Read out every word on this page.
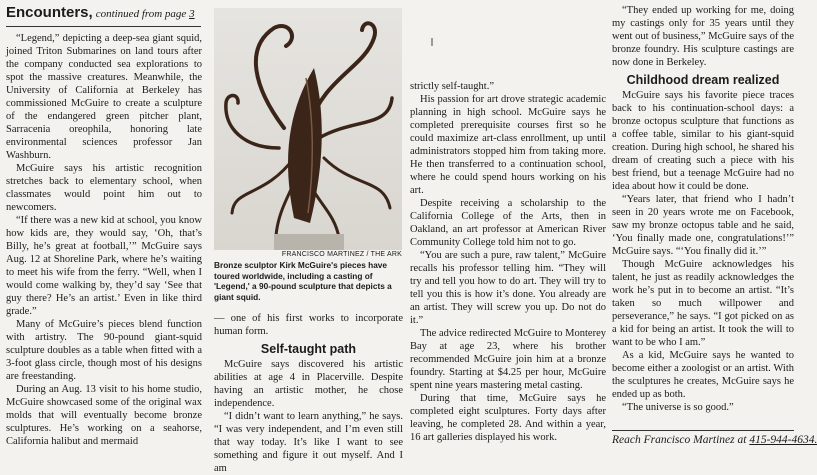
Encounters, continued from page 3

“Legend,” depicting a deep-sea giant squid, joined Triton Submarines on land tours after the company conducted sea explorations to spot the massive creatures. Meanwhile, the University of California at Berkeley has commissioned McGuire to create a sculpture of the endangered green pitcher plant, Sarracenia oreophila, honoring late environmental sciences professor Jan Washburn.

McGuire says his artistic recognition stretches back to elementary school, when classmates would point him out to newcomers.

“If there was a new kid at school, you know how kids are, they would say, ‘Oh, that’s Billy, he’s great at football,’” McGuire says Aug. 12 at Shoreline Park, where he’s waiting to meet his wife from the ferry. “Well, when I would come walking by, they’d say ‘See that guy there? He’s an artist.’ Even in like third grade.”

Many of McGuire’s pieces blend function with artistry. The 90-pound giant-squid sculpture doubles as a table when fitted with a 3-foot glass circle, though most of his designs are freestanding.

During an Aug. 13 visit to his home studio, McGuire showcased some of the original wax molds that will eventually become bronze sculptures. He’s working on a seahorse, California halibut and mermaid

FRANCISCO MARTINEZ / THE ARK
Bronze sculptor Kirk McGuire's pieces have toured worldwide, including a casting of 'Legend,' a 90-pound sculpture that depicts a giant squid.

— one of his first works to incorporate human form.

Self-taught path

McGuire says discovered his artistic abilities at age 4 in Placerville. Despite having an artistic mother, he chose independence.

“I didn’t want to learn anything,” he says. “I was very independent, and I’m even still that way today. It’s like I want to see something and figure it out myself. And I am

strictly self-taught.”

His passion for art drove strategic academic planning in high school. McGuire says he completed prerequisite courses first so he could maximize art-class enrollment, up until administrators stopped him from taking more. He then transferred to a continuation school, where he could spend hours working on his art.

Despite receiving a scholarship to the California College of the Arts, then in Oakland, an art professor at American River Community College told him not to go.

“You are such a pure, raw talent,” McGuire recalls his professor telling him. “They will try and tell you how to do art. They will try to tell you this is how it’s done. You already are an artist. They will screw you up. Do not do it.”

The advice redirected McGuire to Monterey Bay at age 23, where his brother recommended McGuire join him at a bronze foundry. Starting at $4.25 per hour, McGuire spent nine years mastering metal casting.

During that time, McGuire says he completed eight sculptures. Forty days after leaving, he completed 28. And within a year, 16 art galleries displayed his work.

“They ended up working for me, doing my castings only for 35 years until they went out of business,” McGuire says of the bronze foundry. His sculpture castings are now done in Berkeley.

Childhood dream realized

McGuire says his favorite piece traces back to his continuation-school days: a bronze octopus sculpture that functions as a coffee table, similar to his giant-squid creation. During high school, he shared his dream of creating such a piece with his best friend, but a teenage McGuire had no idea about how it could be done.

“Years later, that friend who I hadn’t seen in 20 years wrote me on Facebook, saw my bronze octopus table and he said, ‘You finally made one, congratulations!’” McGuire says. “‘You finally did it.’”

Though McGuire acknowledges his talent, he just as readily acknowledges the work he’s put in to become an artist. “It’s taken so much willpower and perseverance,” he says. “I got picked on as a kid for being an artist. It took the will to want to be who I am.”

As a kid, McGuire says he wanted to become either a zoologist or an artist. With the sculptures he creates, McGuire says he ended up as both.

“The universe is so good.”

Reach Francisco Martinez at 415-944-4634.
